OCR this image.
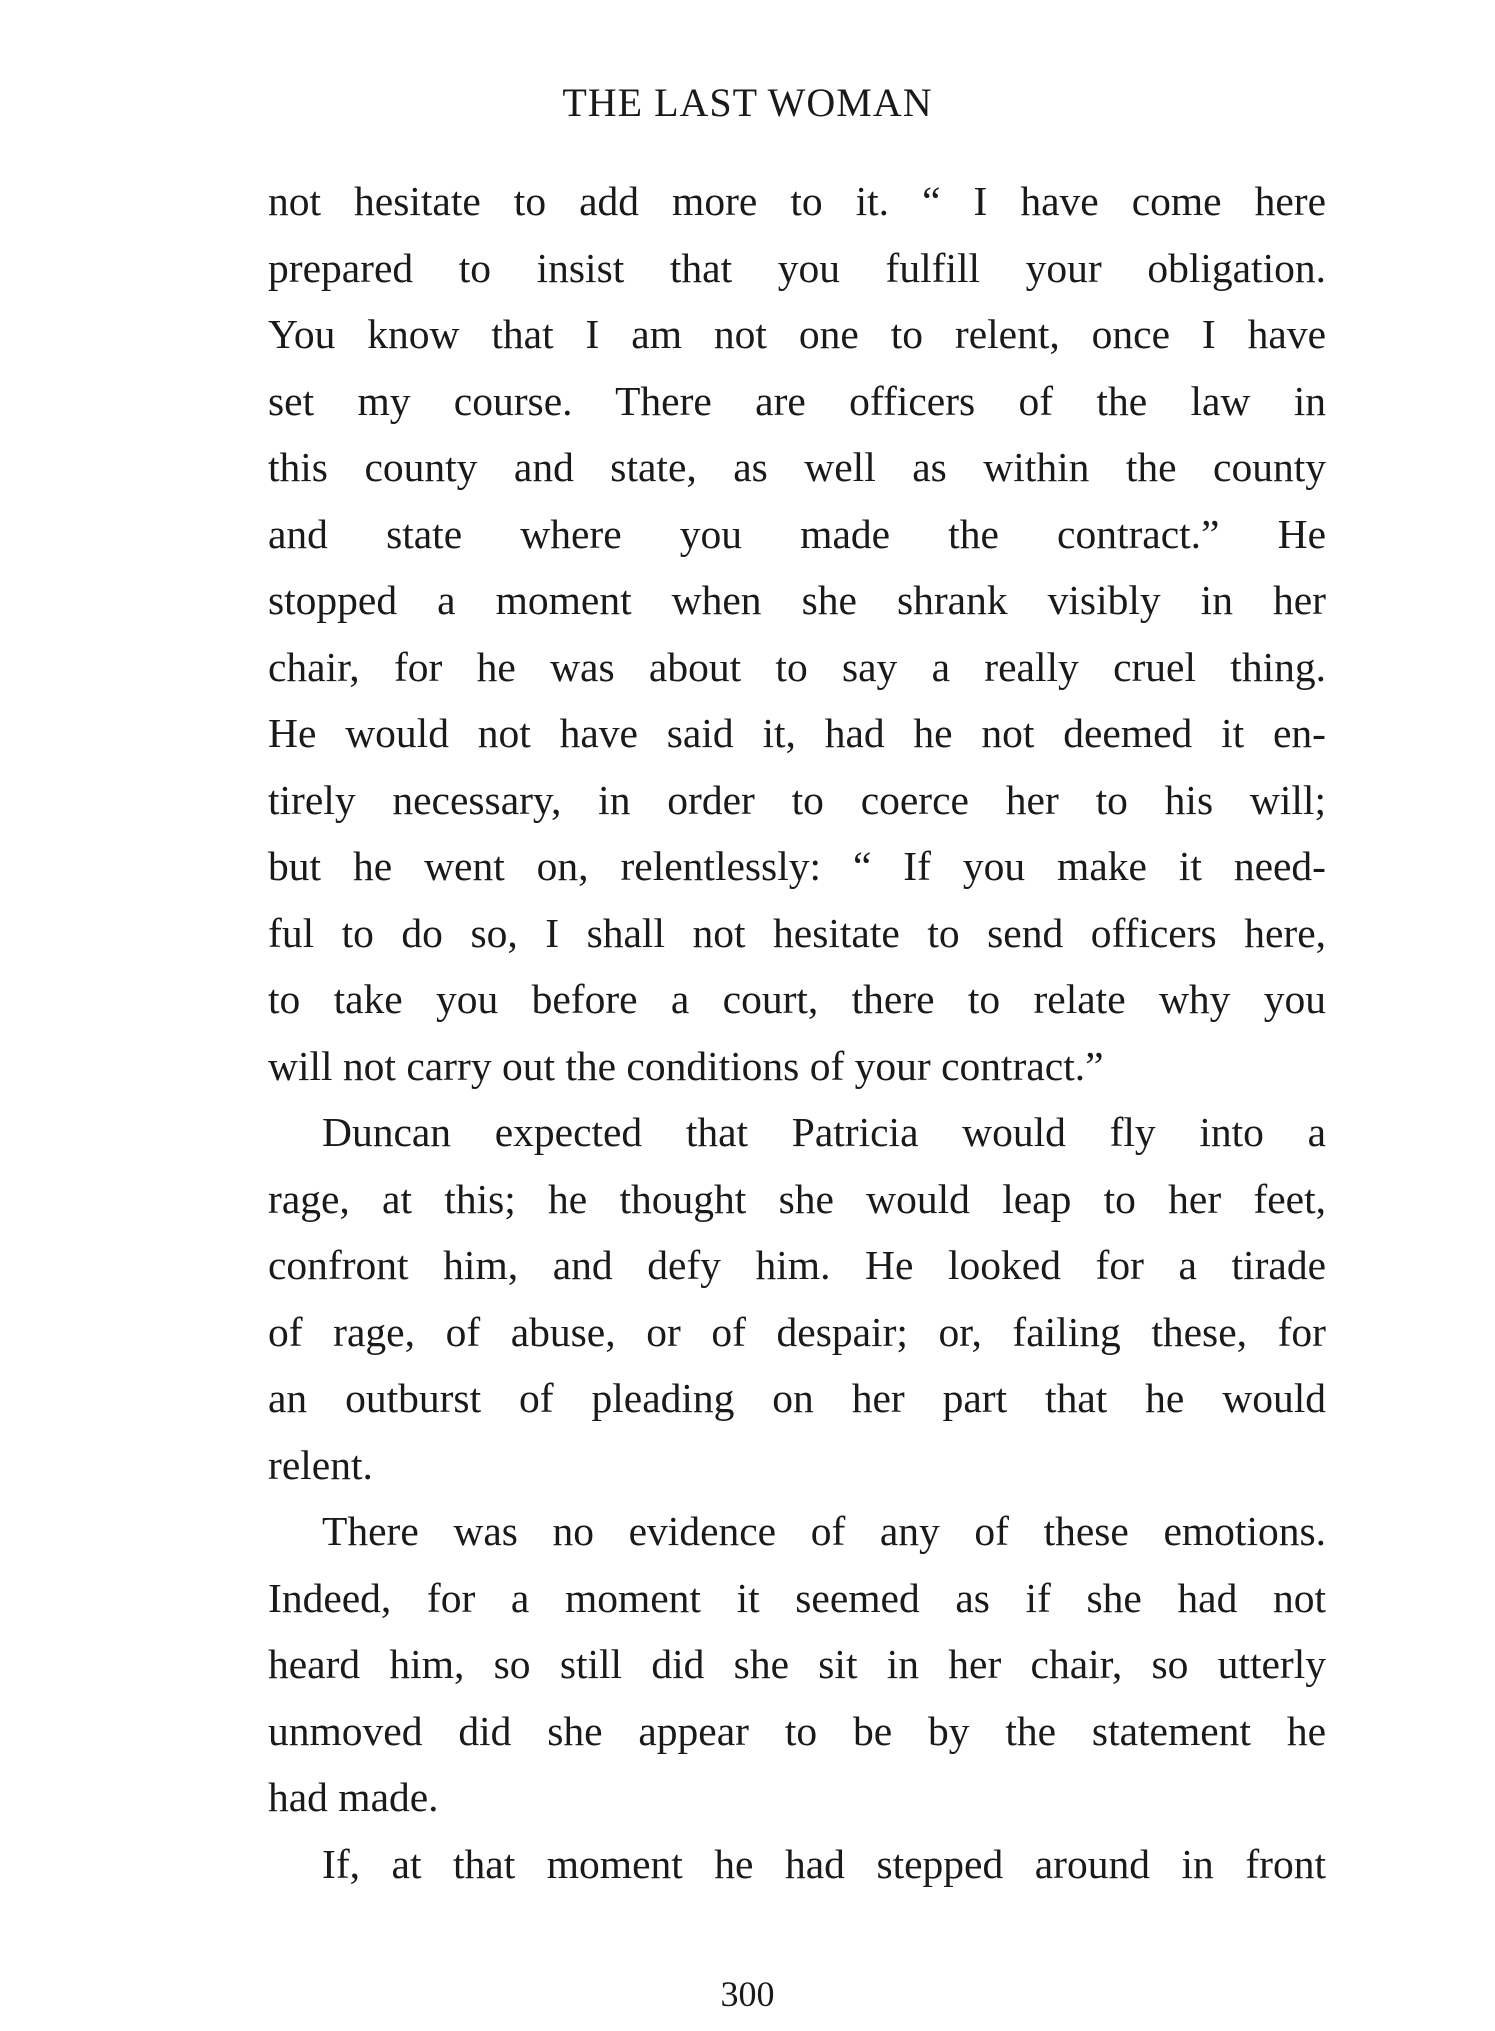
THE LAST WOMAN

not hesitate to add more to it. “ I have come here
prepared to insist that you fulfill your obligation.
You know that I am not one to relent, once I have
set my course. There are officers of the law in
this county and state, as well as within the county
and state where you made the contract.” He
stopped a moment when she shrank visibly in her
chair, for he was about to say a really cruel thing.
He would not have said it, had he not deemed it en-
tirely necessary, in order to coerce her to his will;
but he went on, relentlessly: “ If you make it need-
ful to do so, I shall not hesitate to send officers here,
to take you before a court, there to relate why you
will not carry out the conditions of your contract.”

Duncan expected that Patricia would fly into a
rage, at this; he thought she would leap to her feet,
confront him, and defy him. He looked for a tirade
of rage, of abuse, or of despair; or, failing these, for
an outburst of pleading on her part that he would
relent.

There was no evidence of any of these emotions.
Indeed, for a moment it seemed as if she had not
heard him, so still did she sit in her chair, so utterly
unmoved did she appear to be by the statement he
had made.

If, at that moment he had stepped around in front

300
